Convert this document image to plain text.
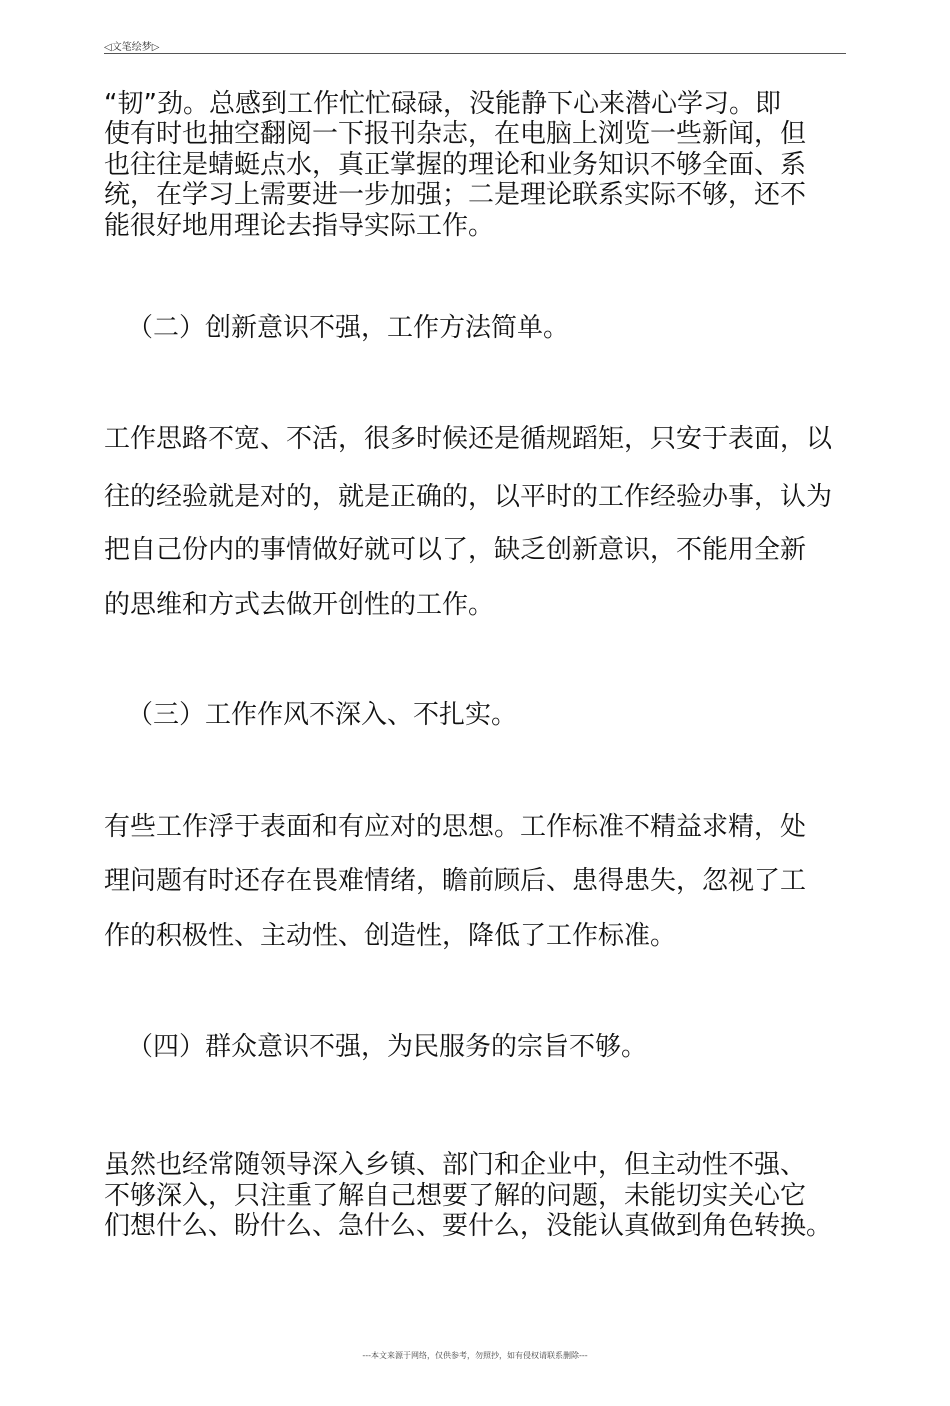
◁文笔绘梦▷
“韧”劲。总感到工作忙忙碌碌，没能静下心来潜心学习。即
使有时也抽空翻阅一下报刊杂志，在电脑上浏览一些新闻，但
也往往是蜻蜓点水，真正掌握的理论和业务知识不够全面、系
统，在学习上需要进一步加强；二是理论联系实际不够，还不
能很好地用理论去指导实际工作。
（二）创新意识不强，工作方法简单。
工作思路不宽、不活，很多时候还是循规蹈矩，只安于表面，以
往的经验就是对的，就是正确的，以平时的工作经验办事，认为
把自己份内的事情做好就可以了，缺乏创新意识，不能用全新
的思维和方式去做开创性的工作。
（三）工作作风不深入、不扎实。
有些工作浮于表面和有应对的思想。工作标准不精益求精，处
理问题有时还存在畏难情绪，瞻前顾后、患得患失，忽视了工
作的积极性、主动性、创造性，降低了工作标准。
（四）群众意识不强，为民服务的宗旨不够。
虽然也经常随领导深入乡镇、部门和企业中，但主动性不强、
不够深入，只注重了解自己想要了解的问题，未能切实关心它
们想什么、盼什么、急什么、要什么，没能认真做到角色转换。
---本文来源于网络，仅供参考，勿照抄，如有侵权请联系删除---
